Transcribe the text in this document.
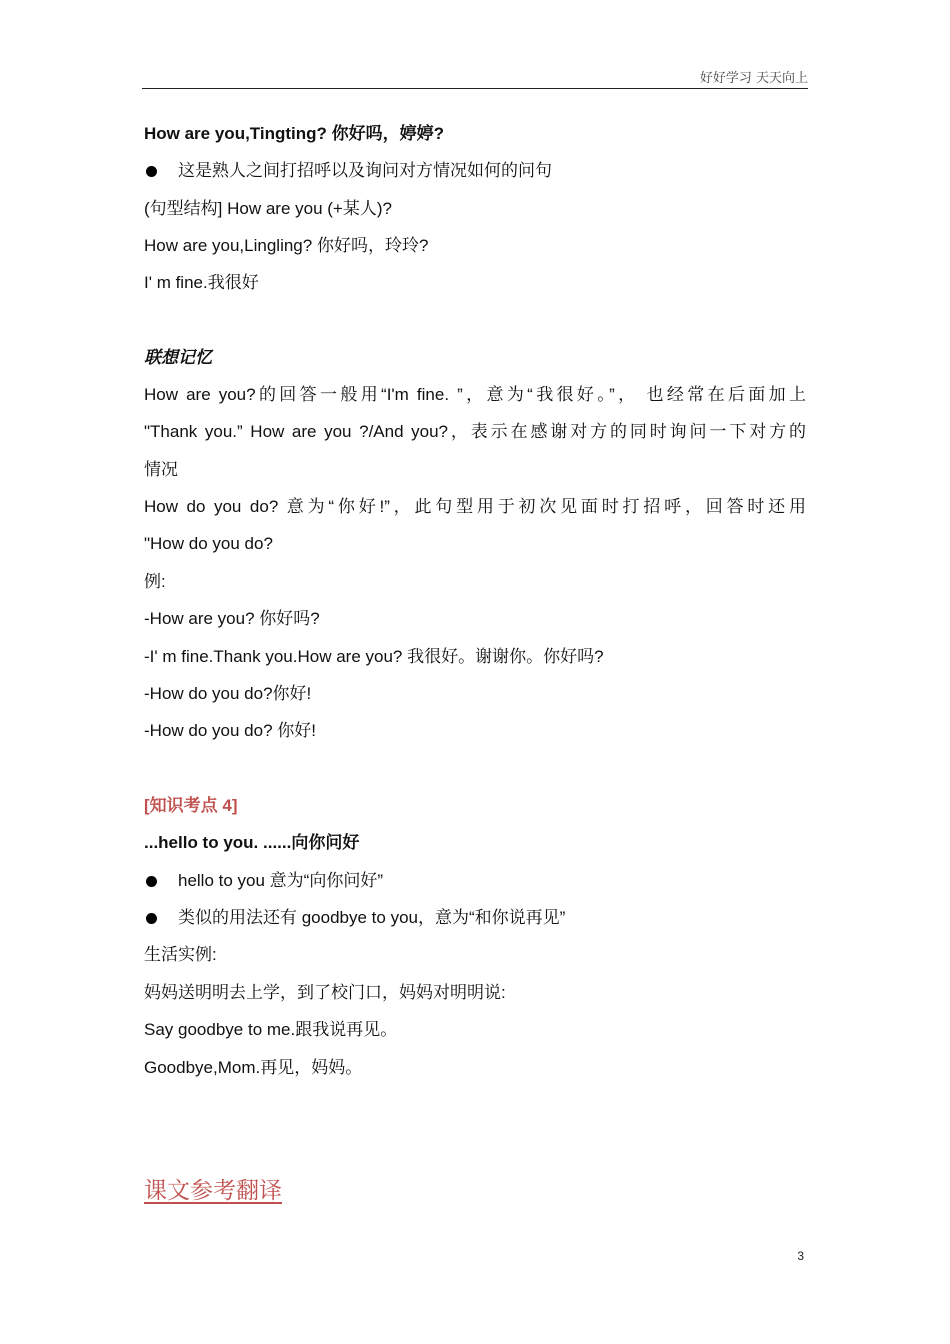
好好学习 天天向上
How are you,Tingting? 你好吗，婷婷?
这是熟人之间打招呼以及询问对方情况如何的问句
(句型结构] How are you (+某人)?
How are you,Lingling? 你好吗，玲玲?
I' m fine.我很好
联想记忆
How are you?的回答一般用“I'm fine. ”，意为“我很好。”， 也经常在后面加上
"Thank you.” How are you ?/And you?，表示在感谢对方的同时询问一下对方的
情况
How do you do? 意为“你好!”，此句型用于初次见面时打招呼，回答时还用
"How do you do?
例:
-How are you? 你好吗?
-I' m fine.Thank you.How are you? 我很好。谢谢你。你好吗?
-How do you do?你好!
-How do you do? 你好!
[知识考点 4]
...hello to you. ......向你问好
hello to you 意为“向你问好”
类似的用法还有 goodbye to you，意为“和你说再见”
生活实例:
妈妈送明明去上学，到了校门口，妈妈对明明说:
Say goodbye to me.跟我说再见。
Goodbye,Mom.再见，妈妈。
课文参考翻译
3
